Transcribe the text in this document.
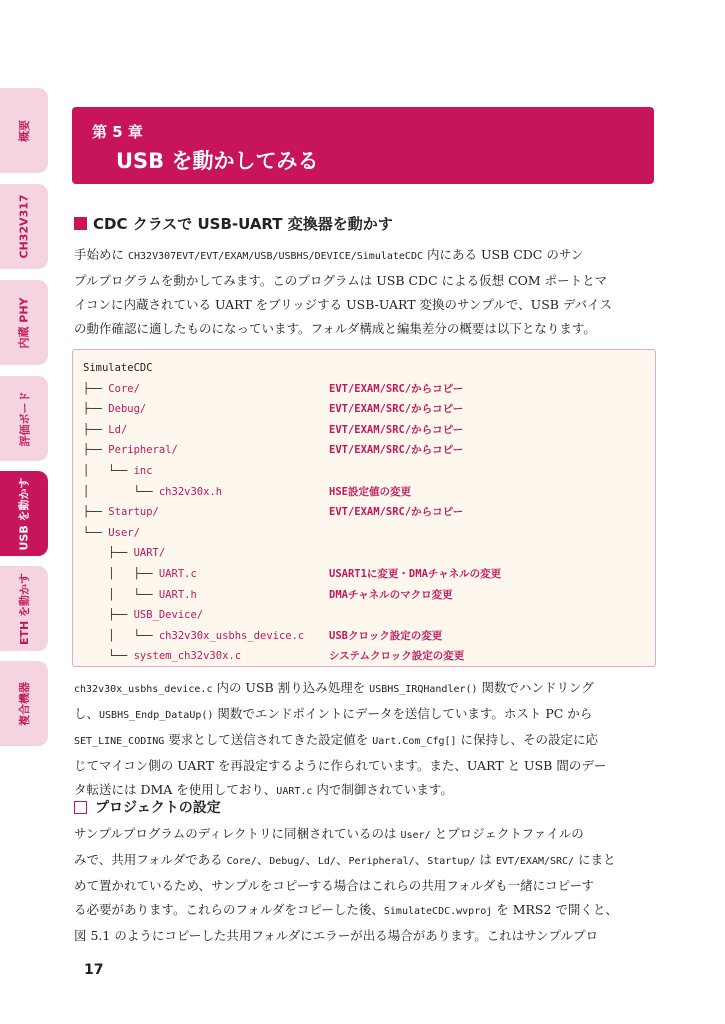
概要
CH32V317
内蔵 PHY
評価ボード
USB を動かす
ETH を動かす
複合機器
第 5 章
USB を動かしてみる
CDC クラスで USB-UART 変換器を動かす
手始めに CH32V307EVT/EVT/EXAM/USB/USBHS/DEVICE/SimulateCDC 内にある USB CDC のサン
プルプログラムを動かしてみます。このプログラムは USB CDC による仮想 COM ポートとマ
イコンに内蔵されている UART をブリッジする USB-UART 変換のサンプルで、USB デバイス
の動作確認に適したものになっています。フォルダ構成と編集差分の概要は以下となります。
SimulateCDC
├── Core/	EVT/EXAM/SRC/からコピー
├── Debug/	EVT/EXAM/SRC/からコピー
├── Ld/	EVT/EXAM/SRC/からコピー
├── Peripheral/	EVT/EXAM/SRC/からコピー
│   └── inc
│       └── ch32v30x.h	HSE設定値の変更
├── Startup/	EVT/EXAM/SRC/からコピー
└── User/
├── UART/
│   ├── UART.c	USART1に変更・DMAチャネルの変更
│   └── UART.h	DMAチャネルのマクロ変更
├── USB_Device/
│   └── ch32v30x_usbhs_device.c USBクロック設定の変更
└── system_ch32v30x.c	システムクロック設定の変更
ch32v30x_usbhs_device.c 内の USB 割り込み処理を USBHS_IRQHandler() 関数でハンドリング
し、USBHS_Endp_DataUp() 関数でエンドポイントにデータを送信しています。ホスト PC から
SET_LINE_CODING 要求として送信されてきた設定値を Uart.Com_Cfg[] に保持し、その設定に応
じてマイコン側の UART を再設定するように作られています。また、UART と USB 間のデー
タ転送には DMA を使用しており、UART.c 内で制御されています。
プロジェクトの設定
サンプルプログラムのディレクトリに同梱されているのは User/ とプロジェクトファイルの
みで、共用フォルダである Core/、Debug/、Ld/、Peripheral/、Startup/ は EVT/EXAM/SRC/ にまと
めて置かれているため、サンプルをコピーする場合はこれらの共用フォルダも一緒にコピーす
る必要があります。これらのフォルダをコピーした後、SimulateCDC.wvproj を MRS2 で開くと、
図 5.1 のようにコピーした共用フォルダにエラーが出る場合があります。これはサンプルプロ
17
